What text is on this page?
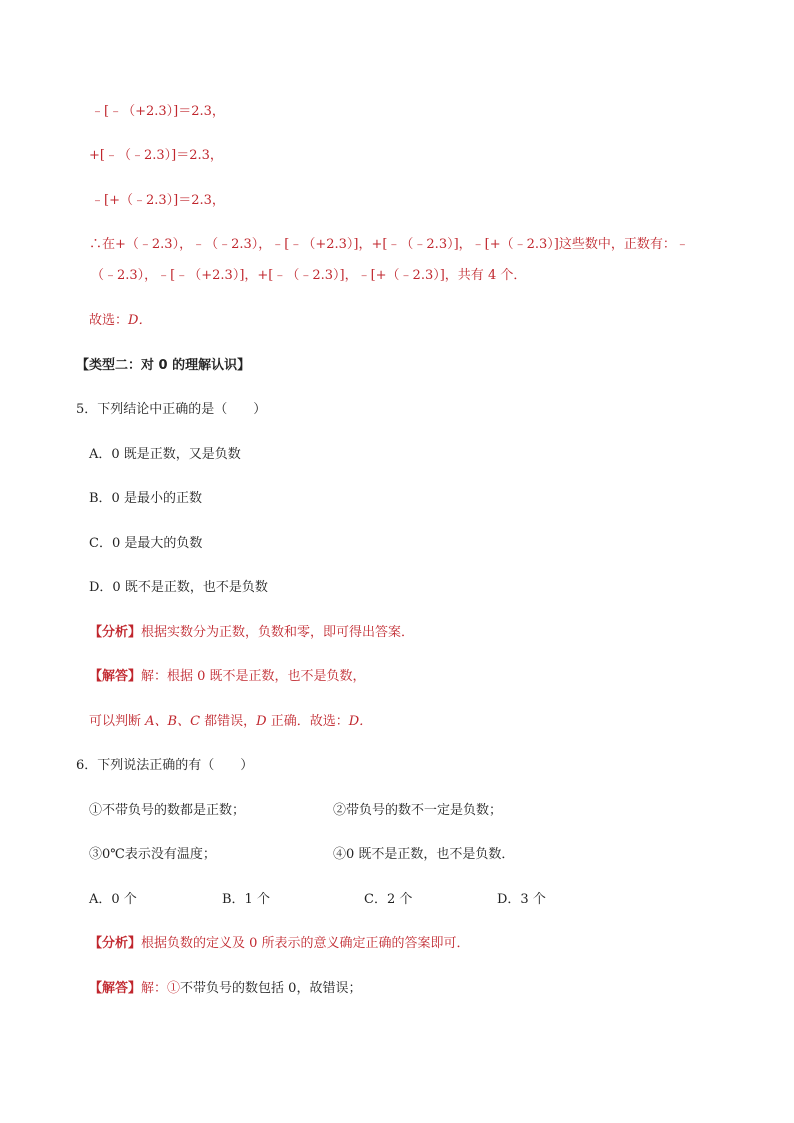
﹣[﹣（+2.3）]＝2.3，
+[﹣（﹣2.3）]＝2.3，
﹣[+（﹣2.3）]＝2.3，
∴在+（﹣2.3），﹣（﹣2.3），﹣[﹣（+2.3）]，+[﹣（﹣2.3）]，﹣[+（﹣2.3）]这些数中，正数有：﹣
（﹣2.3），﹣[﹣（+2.3）]，+[﹣（﹣2.3）]，﹣[+（﹣2.3）]，共有 4 个．
故选：D．
【类型二：对 0 的理解认识】
5．下列结论中正确的是（　　）
A．0 既是正数，又是负数
B．0 是最小的正数
C．0 是最大的负数
D．0 既不是正数，也不是负数
【分析】根据实数分为正数，负数和零，即可得出答案．
【解答】解：根据 0 既不是正数，也不是负数，
可以判断 A、B、C 都错误，D 正确．故选：D．
6．下列说法正确的有（　　）
①不带负号的数都是正数；	②带负号的数不一定是负数；
③0℃表示没有温度；	④0 既不是正数，也不是负数．
A．0 个	B．1 个	C．2 个	D．3 个
【分析】根据负数的定义及 0 所表示的意义确定正确的答案即可．
【解答】解：①不带负号的数包括 0，故错误；
